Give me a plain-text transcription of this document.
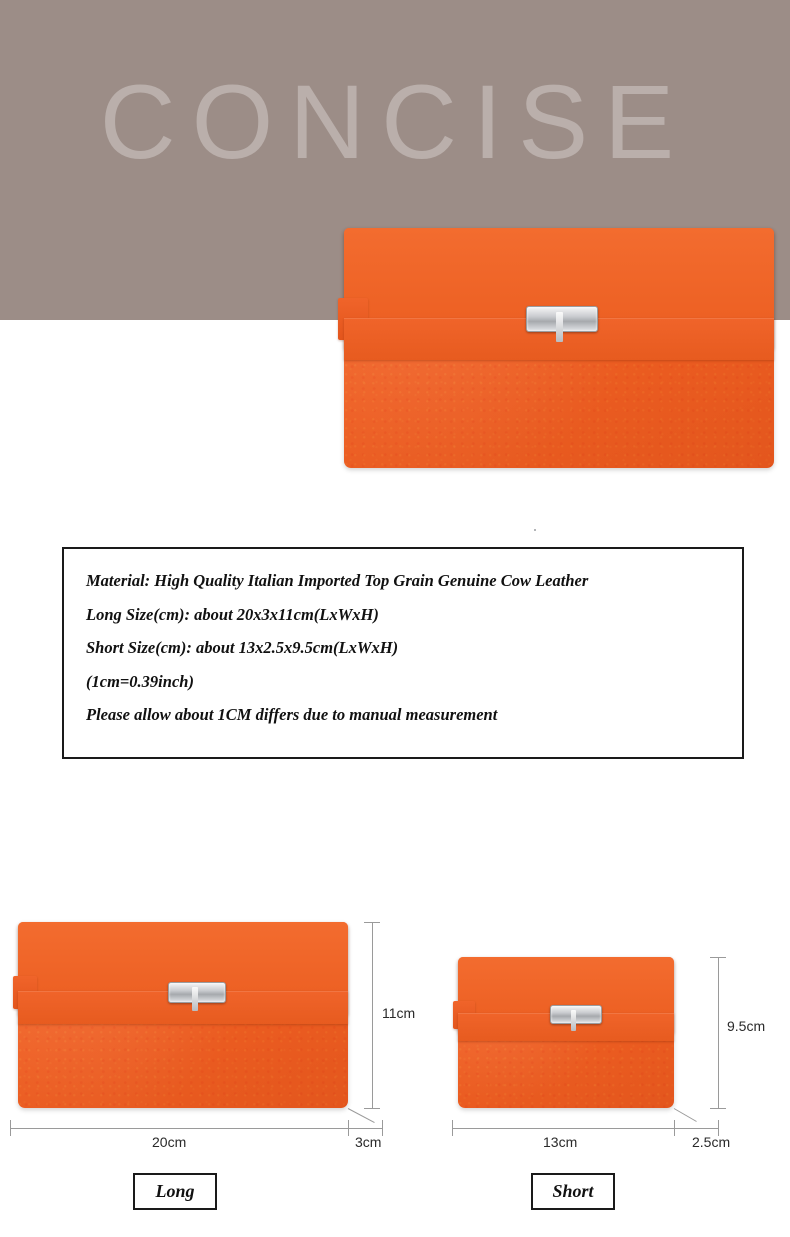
CONCISE
Material: High Quality Italian Imported Top Grain Genuine Cow Leather
Long Size(cm): about 20x3x11cm(LxWxH)
Short Size(cm): about 13x2.5x9.5cm(LxWxH)
(1cm=0.39inch)
Please allow about 1CM differs due to manual measurement
11cm
20cm	3cm
Long
9.5cm
13cm	2.5cm
Short
